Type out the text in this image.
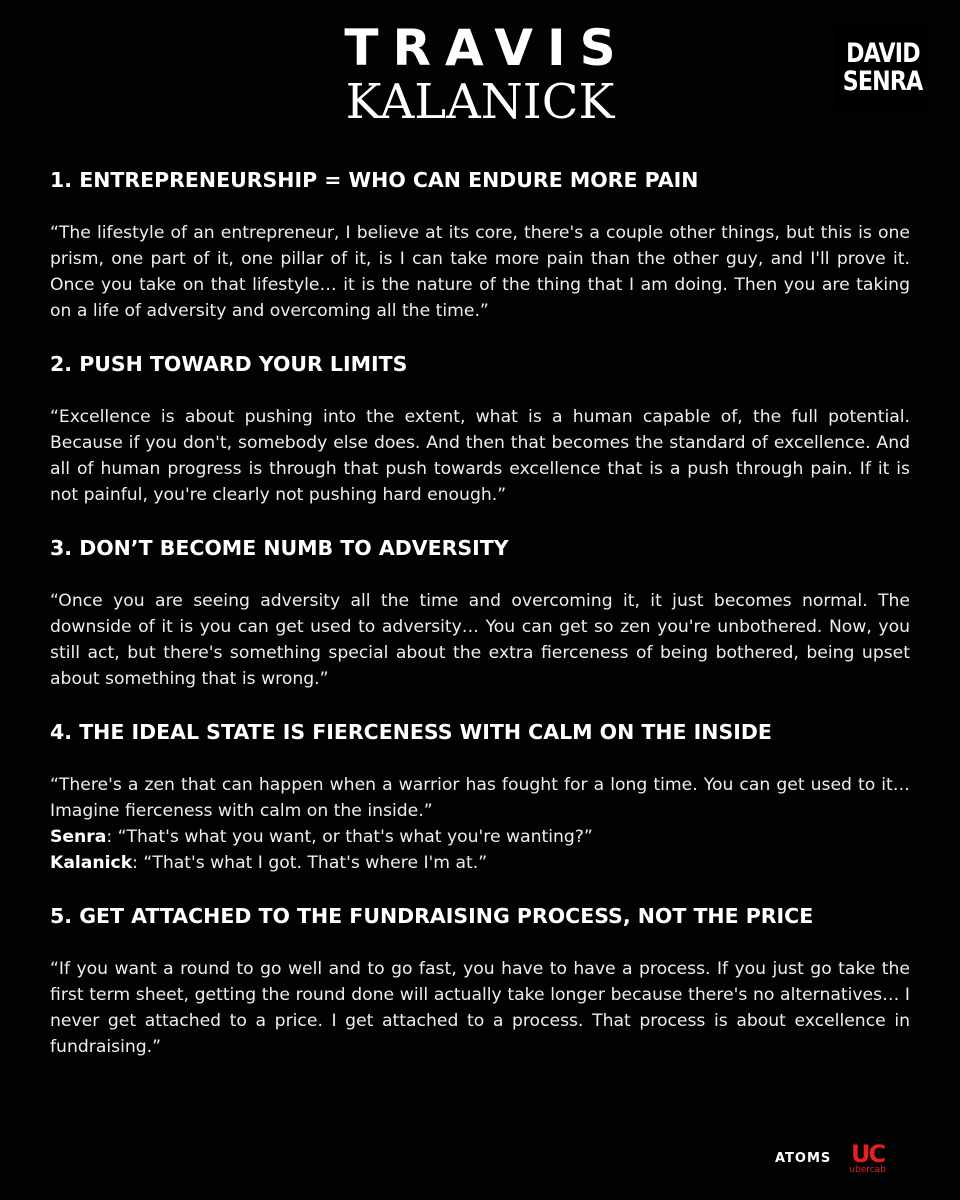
TRAVIS
KALANICK
DAVID
SENRA
1. ENTREPRENEURSHIP = WHO CAN ENDURE MORE PAIN
“The lifestyle of an entrepreneur, I believe at its core, there's a couple other things, but this is one prism, one part of it, one pillar of it, is I can take more pain than the other guy, and I'll prove it. Once you take on that lifestyle… it is the nature of the thing that I am doing. Then you are taking on a life of adversity and overcoming all the time.”
2. PUSH TOWARD YOUR LIMITS
“Excellence is about pushing into the extent, what is a human capable of, the full potential. Because if you don't, somebody else does. And then that becomes the standard of excellence. And all of human progress is through that push towards excellence that is a push through pain. If it is not painful, you're clearly not pushing hard enough.”
3. DON’T BECOME NUMB TO ADVERSITY
“Once you are seeing adversity all the time and overcoming it, it just becomes normal. The downside of it is you can get used to adversity… You can get so zen you're unbothered. Now, you still act, but there's something special about the extra fierceness of being bothered, being upset about something that is wrong.”
4. THE IDEAL STATE IS FIERCENESS WITH CALM ON THE INSIDE
“There's a zen that can happen when a warrior has fought for a long time. You can get used to it… Imagine fierceness with calm on the inside.”
Senra: “That's what you want, or that's what you're wanting?”
Kalanick: “That's what I got. That's where I'm at.”
5. GET ATTACHED TO THE FUNDRAISING PROCESS, NOT THE PRICE
“If you want a round to go well and to go fast, you have to have a process. If you just go take the first term sheet, getting the round done will actually take longer because there's no alternatives… I never get attached to a price. I get attached to a process. That process is about excellence in fundraising.”
ATOMS UC
ubercab
